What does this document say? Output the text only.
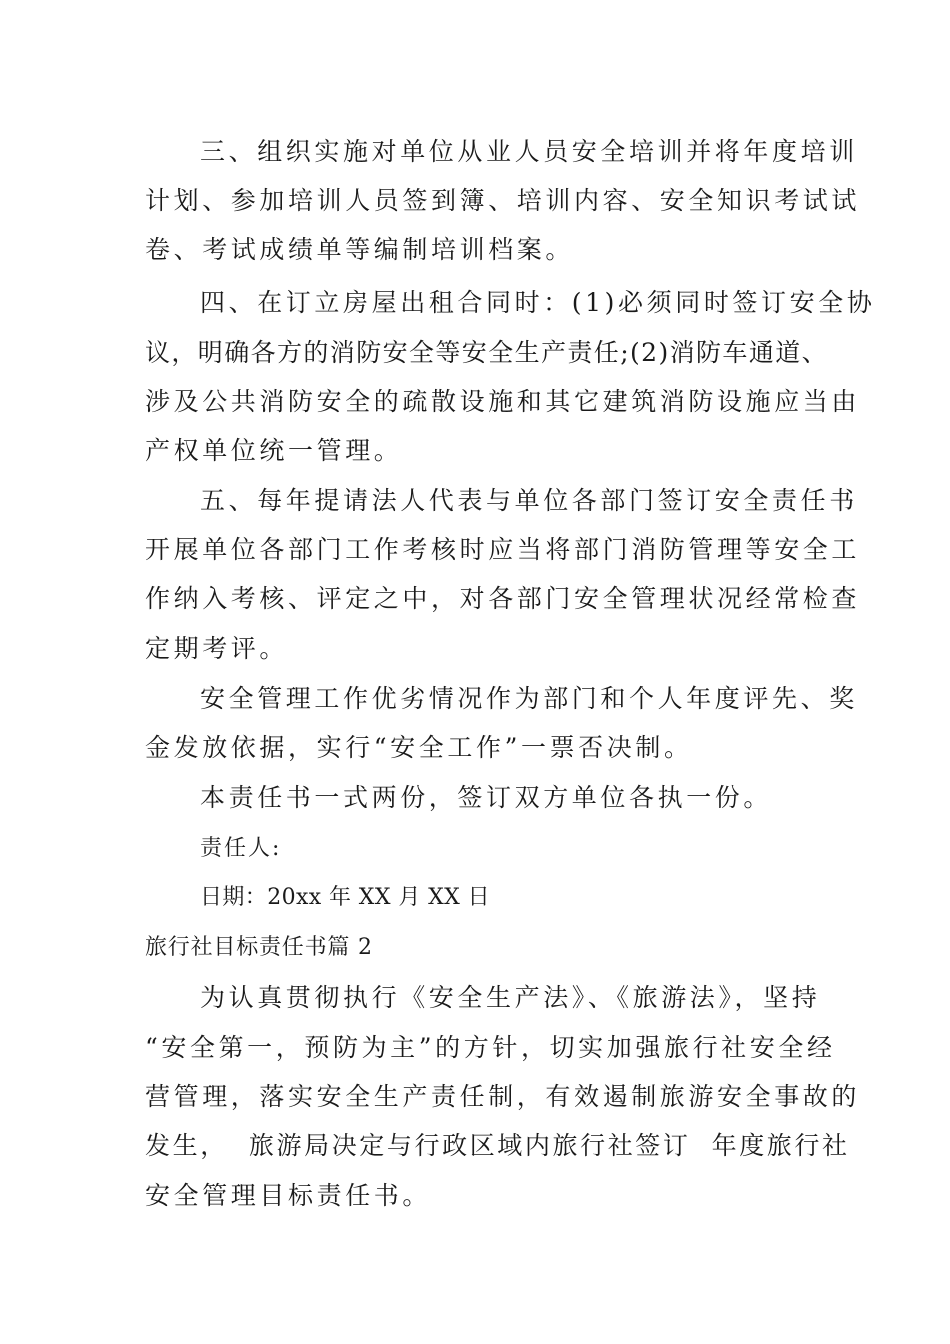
三、组织实施对单位从业人员安全培训并将年度培训
计划、参加培训人员签到簿、培训内容、安全知识考试试
卷、考试成绩单等编制培训档案。
四、在订立房屋出租合同时：(1)必须同时签订安全协
议，明确各方的消防安全等安全生产责任;(2)消防车通道、
涉及公共消防安全的疏散设施和其它建筑消防设施应当由
产权单位统一管理。
五、每年提请法人代表与单位各部门签订安全责任书
开展单位各部门工作考核时应当将部门消防管理等安全工
作纳入考核、评定之中，对各部门安全管理状况经常检查
定期考评。
安全管理工作优劣情况作为部门和个人年度评先、奖
金发放依据，实行“安全工作”一票否决制。
本责任书一式两份，签订双方单位各执一份。
责任人:
日期：20xx 年 XX 月 XX 日
旅行社目标责任书篇 2
为认真贯彻执行《安全生产法》、《旅游法》，坚持
“安全第一，预防为主”的方针，切实加强旅行社安全经
营管理，落实安全生产责任制，有效遏制旅游安全事故的
发生，  旅游局决定与行政区域内旅行社签订  年度旅行社
安全管理目标责任书。
